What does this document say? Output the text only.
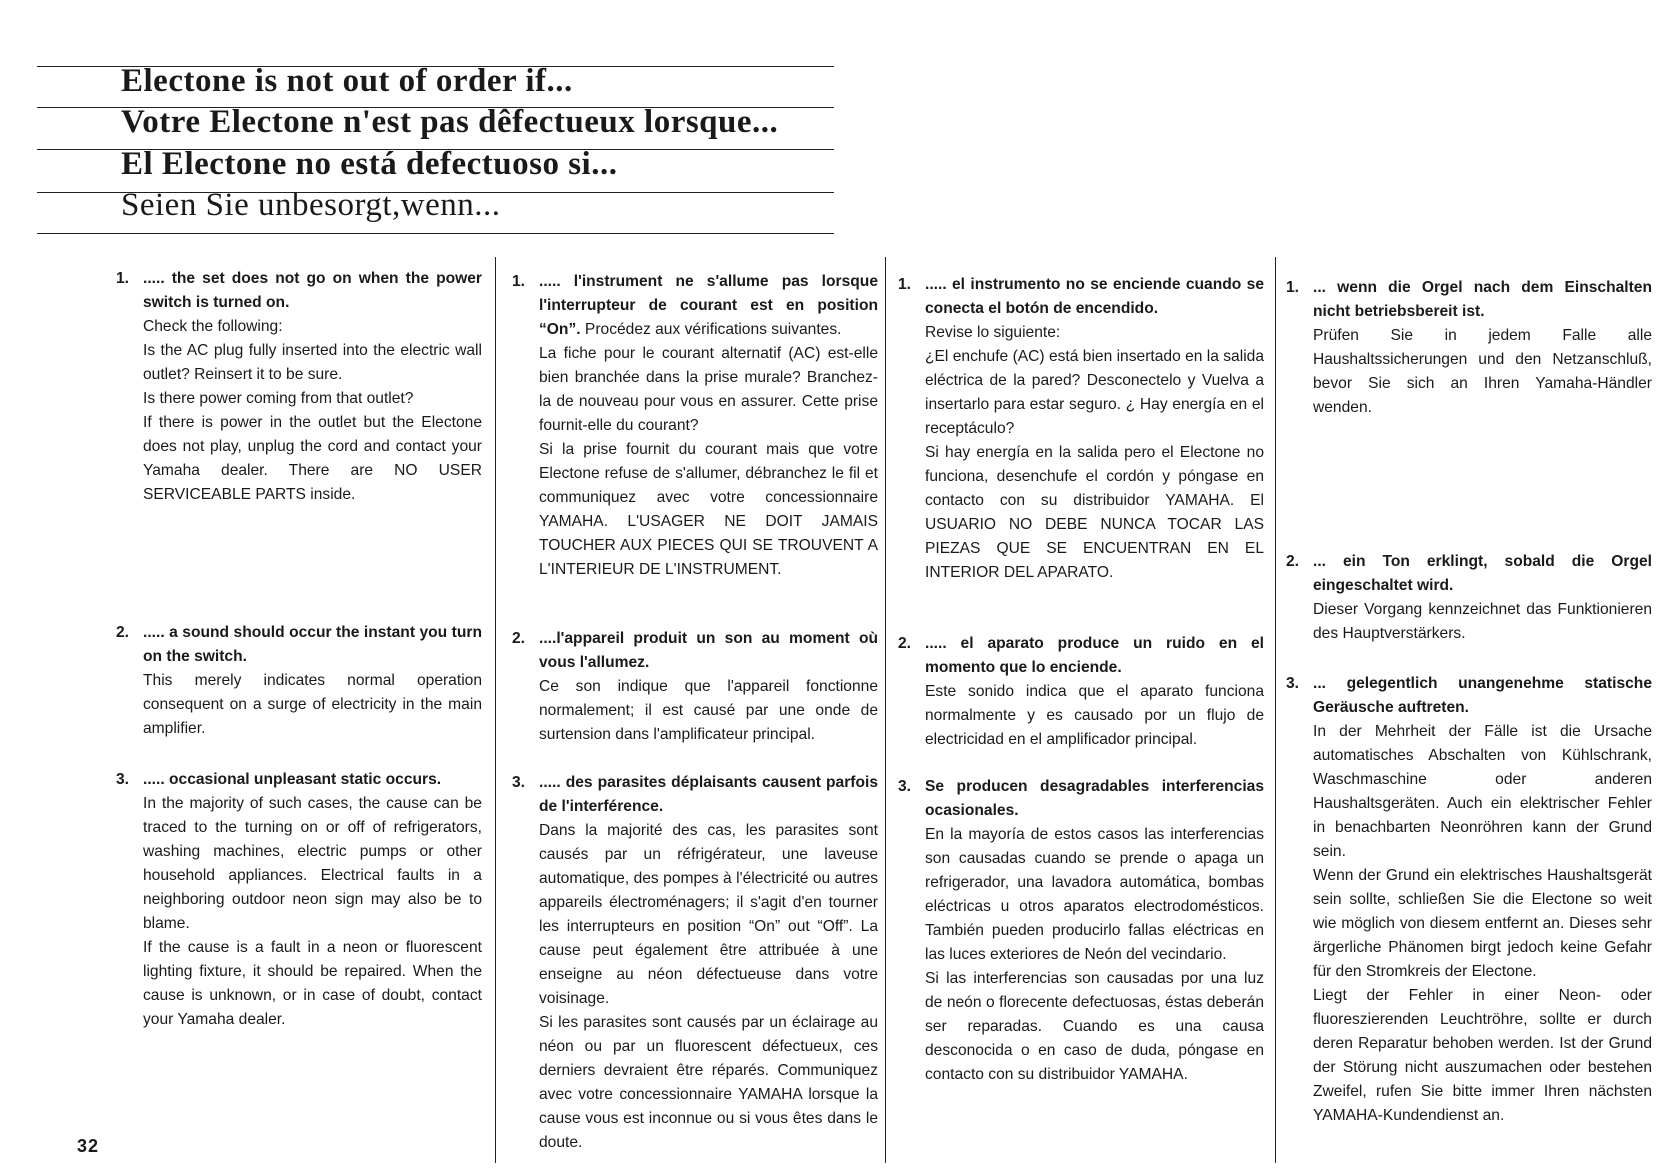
Electone is not out of order if...
Votre Electone n'est pas dêfectueux lorsque...
El Electone no está defectuoso si...
Seien Sie unbesorgt,wenn...
1. ..... the set does not go on when the power switch is turned on.

Check the following:

Is the AC plug fully inserted into the electric wall outlet? Reinsert it to be sure.

Is there power coming from that outlet?

If there is power in the outlet but the Electone does not play, unplug the cord and contact your Yamaha dealer. There are NO USER SERVICEABLE PARTS inside.

2. ..... a sound should occur the instant you turn on the switch.

This merely indicates normal operation consequent on a surge of electricity in the main amplifier.

3. ..... occasional unpleasant static occurs.

In the majority of such cases, the cause can be traced to the turning on or off of refrigerators, washing machines, electric pumps or other household appliances. Electrical faults in a neighboring outdoor neon sign may also be to blame.

If the cause is a fault in a neon or fluorescent lighting fixture, it should be repaired. When the cause is unknown, or in case of doubt, contact your Yamaha dealer.

1. ..... l'instrument ne s'allume pas lorsque l'interrupteur de courant est en position “On”. Procédez aux vérifications suivantes.

La fiche pour le courant alternatif (AC) est-elle bien branchée dans la prise murale? Branchez-la de nouveau pour vous en assurer. Cette prise fournit-elle du courant?

Si la prise fournit du courant mais que votre Electone refuse de s'allumer, débranchez le fil et communiquez avec votre concessionnaire YAMAHA. L'USAGER NE DOIT JAMAIS TOUCHER AUX PIECES QUI SE TROUVENT A L'INTERIEUR DE L'INSTRUMENT.

2. ....l'appareil produit un son au moment où vous l'allumez.

Ce son indique que l'appareil fonctionne normalement; il est causé par une onde de surtension dans l'amplificateur principal.

3. ..... des parasites déplaisants causent parfois de l'interférence.

Dans la majorité des cas, les parasites sont causés par un réfrigérateur, une laveuse automatique, des pompes à l'électricité ou autres appareils électroménagers; il s'agit d'en tourner les interrupteurs en position “On” out “Off”. La cause peut également être attribuée à une enseigne au néon défectueuse dans votre voisinage.

Si les parasites sont causés par un éclairage au néon ou par un fluorescent défectueux, ces derniers devraient être réparés. Communiquez avec votre concessionnaire YAMAHA lorsque la cause vous est inconnue ou si vous êtes dans le doute.

1. ..... el instrumento no se enciende cuando se conecta el botón de encendido.

Revise lo siguiente:

¿El enchufe (AC) está bien insertado en la salida eléctrica de la pared? Desconectelo y Vuelva a insertarlo para estar seguro. ¿ Hay energía en el receptáculo?

Si hay energía en la salida pero el Electone no funciona, desenchufe el cordón y póngase en contacto con su distribuidor YAMAHA. El USUARIO NO DEBE NUNCA TOCAR LAS PIEZAS QUE SE ENCUENTRAN EN EL INTERIOR DEL APARATO.

2. ..... el aparato produce un ruido en el momento que lo enciende.

Este sonido indica que el aparato funciona normalmente y es causado por un flujo de electricidad en el amplificador principal.

3. Se producen desagradables interferencias ocasionales.

En la mayoría de estos casos las interferencias son causadas cuando se prende o apaga un refrigerador, una lavadora automática, bombas eléctricas u otros aparatos electrodomésticos. También pueden producirlo fallas eléctricas en las luces exteriores de Neón del vecindario.

Si las interferencias son causadas por una luz de neón o florecente defectuosas, éstas deberán ser reparadas. Cuando es una causa desconocida o en caso de duda, póngase en contacto con su distribuidor YAMAHA.

1. ... wenn die Orgel nach dem Einschalten nicht betriebsbereit ist.

Prüfen Sie in jedem Falle alle Haushaltssicherungen und den Netzanschluß, bevor Sie sich an Ihren Yamaha-Händler wenden.

2. ... ein Ton erklingt, sobald die Orgel eingeschaltet wird.

Dieser Vorgang kennzeichnet das Funktionieren des Hauptverstärkers.

3. ... gelegentlich unangenehme statische Geräusche auftreten.

In der Mehrheit der Fälle ist die Ursache automatisches Abschalten von Kühlschrank, Waschmaschine oder anderen Haushaltsgeräten. Auch ein elektrischer Fehler in benachbarten Neonröhren kann der Grund sein.

Wenn der Grund ein elektrisches Haushaltsgerät sein sollte, schließen Sie die Electone so weit wie möglich von diesem entfernt an. Dieses sehr ärgerliche Phänomen birgt jedoch keine Gefahr für den Stromkreis der Electone.

Liegt der Fehler in einer Neon- oder fluoreszierenden Leuchtröhre, sollte er durch deren Reparatur behoben werden. Ist der Grund der Störung nicht auszumachen oder bestehen Zweifel, rufen Sie bitte immer Ihren nächsten YAMAHA-Kundendienst an.

32
